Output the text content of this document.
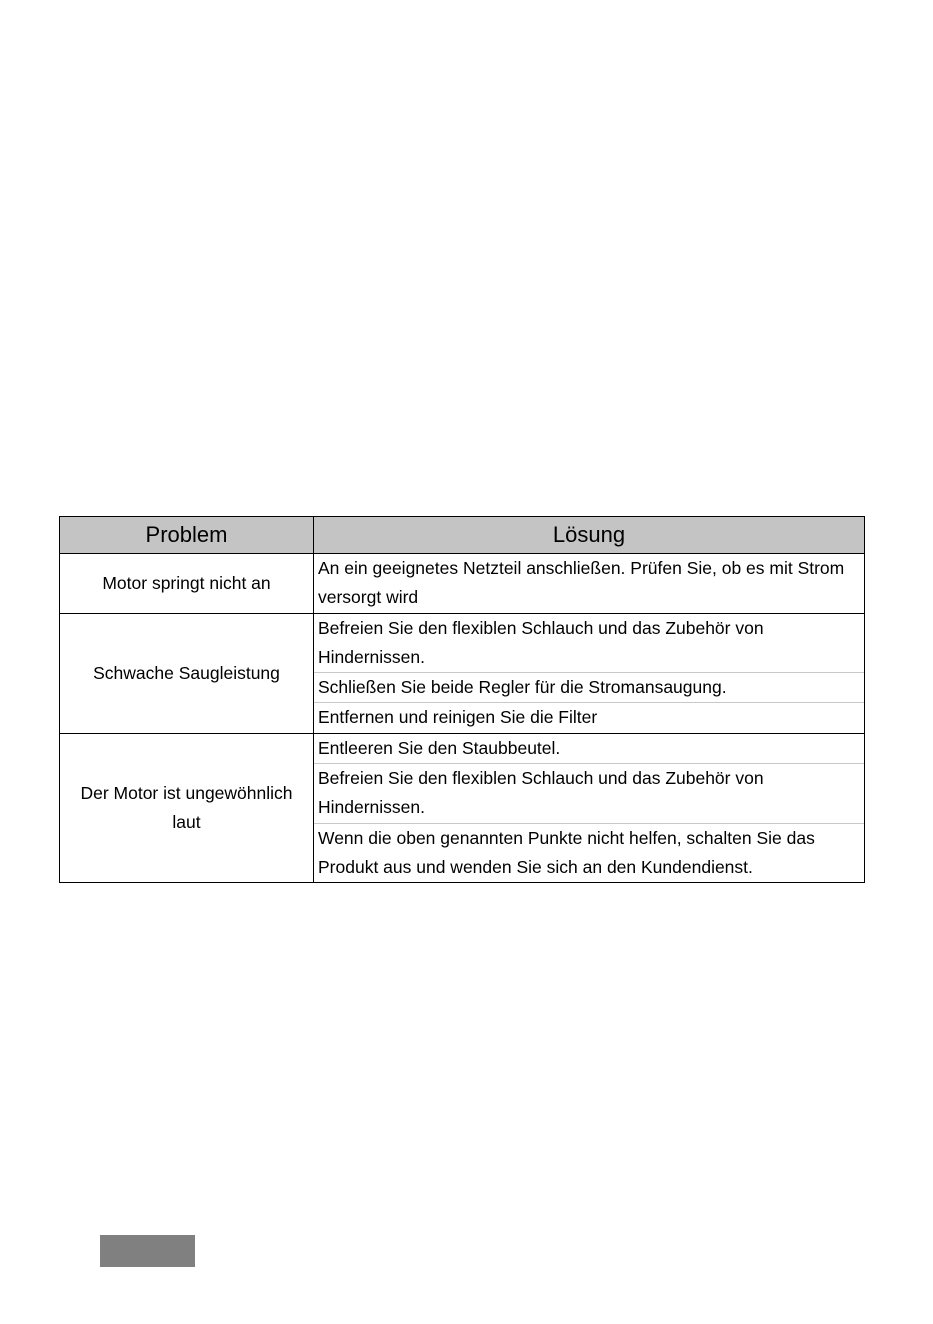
Problem	Lösung
Motor springt nicht an	An ein geeignetes Netzteil anschließen. Prüfen Sie, ob es mit Strom versorgt wird
Schwache Saugleistung	Befreien Sie den flexiblen Schlauch und das Zubehör von Hindernissen.
	Schließen Sie beide Regler für die Stromansaugung.
	Entfernen und reinigen Sie die Filter
Der Motor ist ungewöhnlich laut	Entleeren Sie den Staubbeutel.
	Befreien Sie den flexiblen Schlauch und das Zubehör von Hindernissen.
	Wenn die oben genannten Punkte nicht helfen, schalten Sie das Produkt aus und wenden Sie sich an den Kundendienst.
